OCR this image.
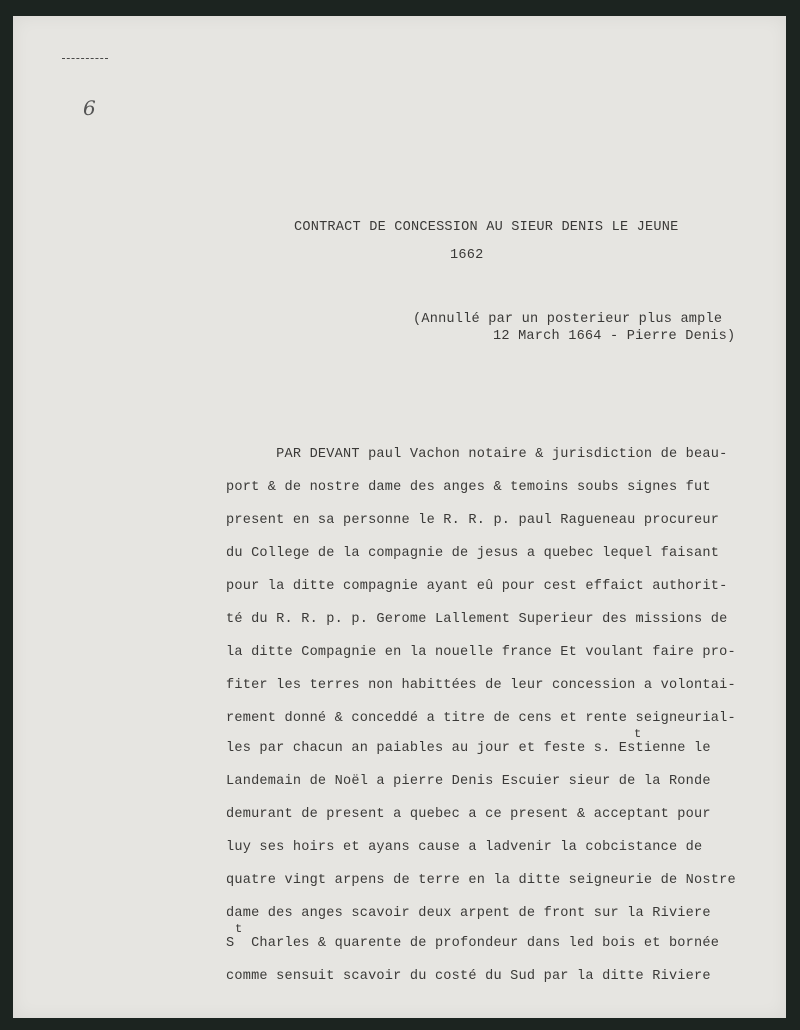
6
CONTRACT DE CONCESSION AU SIEUR DENIS LE JEUNE
1662
(Annullé par un posterieur plus ample
12 March 1664 - Pierre Denis)
PAR DEVANT paul Vachon notaire & jurisdiction de beau-
port & de nostre dame des anges & temoins soubs signes fut
present en sa personne le R. R. p. paul Ragueneau procureur
du College de la compagnie de jesus a quebec lequel faisant
pour la ditte compagnie ayant eû pour cest effaict authorit-
té du R. R. p. p. Gerome Lallement Superieur des missions de
la ditte Compagnie en la nouelle france Et voulant faire pro-
fiter les terres non habittées de leur concession a volontai-
rement donné & conceddé a titre de cens et rente seigneurial-
t
les par chacun an paiables au jour et feste s. Estienne le
Landemain de Noël a pierre Denis Escuier sieur de la Ronde
demurant de present a quebec a ce present & acceptant pour
luy ses hoirs et ayans cause a ladvenir la cobcistance de
quatre vingt arpens de terre en la ditte seigneurie de Nostre
dame des anges scavoir deux arpent de front sur la Riviere
t
S  Charles & quarente de profondeur dans led bois et bornée
comme sensuit scavoir du costé du Sud par la ditte Riviere
